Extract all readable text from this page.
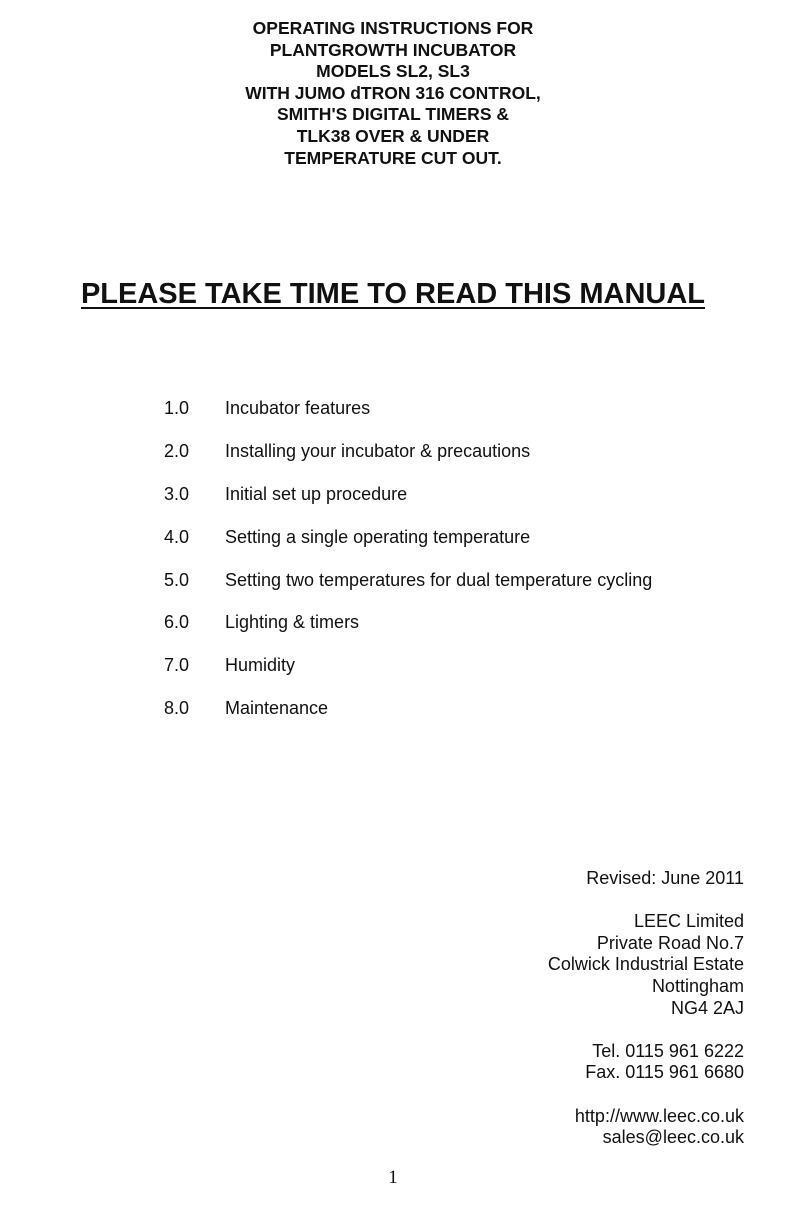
OPERATING INSTRUCTIONS FOR
PLANTGROWTH INCUBATOR
MODELS SL2, SL3
WITH JUMO dTRON 316 CONTROL,
SMITH'S DIGITAL TIMERS &
TLK38 OVER & UNDER
TEMPERATURE CUT OUT.
PLEASE TAKE TIME TO READ THIS MANUAL
1.0	Incubator features
2.0	Installing your incubator & precautions
3.0	Initial set up procedure
4.0	Setting a single operating temperature
5.0	Setting two temperatures for dual temperature cycling
6.0	Lighting & timers
7.0	Humidity
8.0	Maintenance
Revised: June 2011
LEEC Limited
Private Road No.7
Colwick Industrial Estate
Nottingham
NG4 2AJ
Tel. 0115 961 6222
Fax. 0115 961 6680
http://www.leec.co.uk
sales@leec.co.uk
1
